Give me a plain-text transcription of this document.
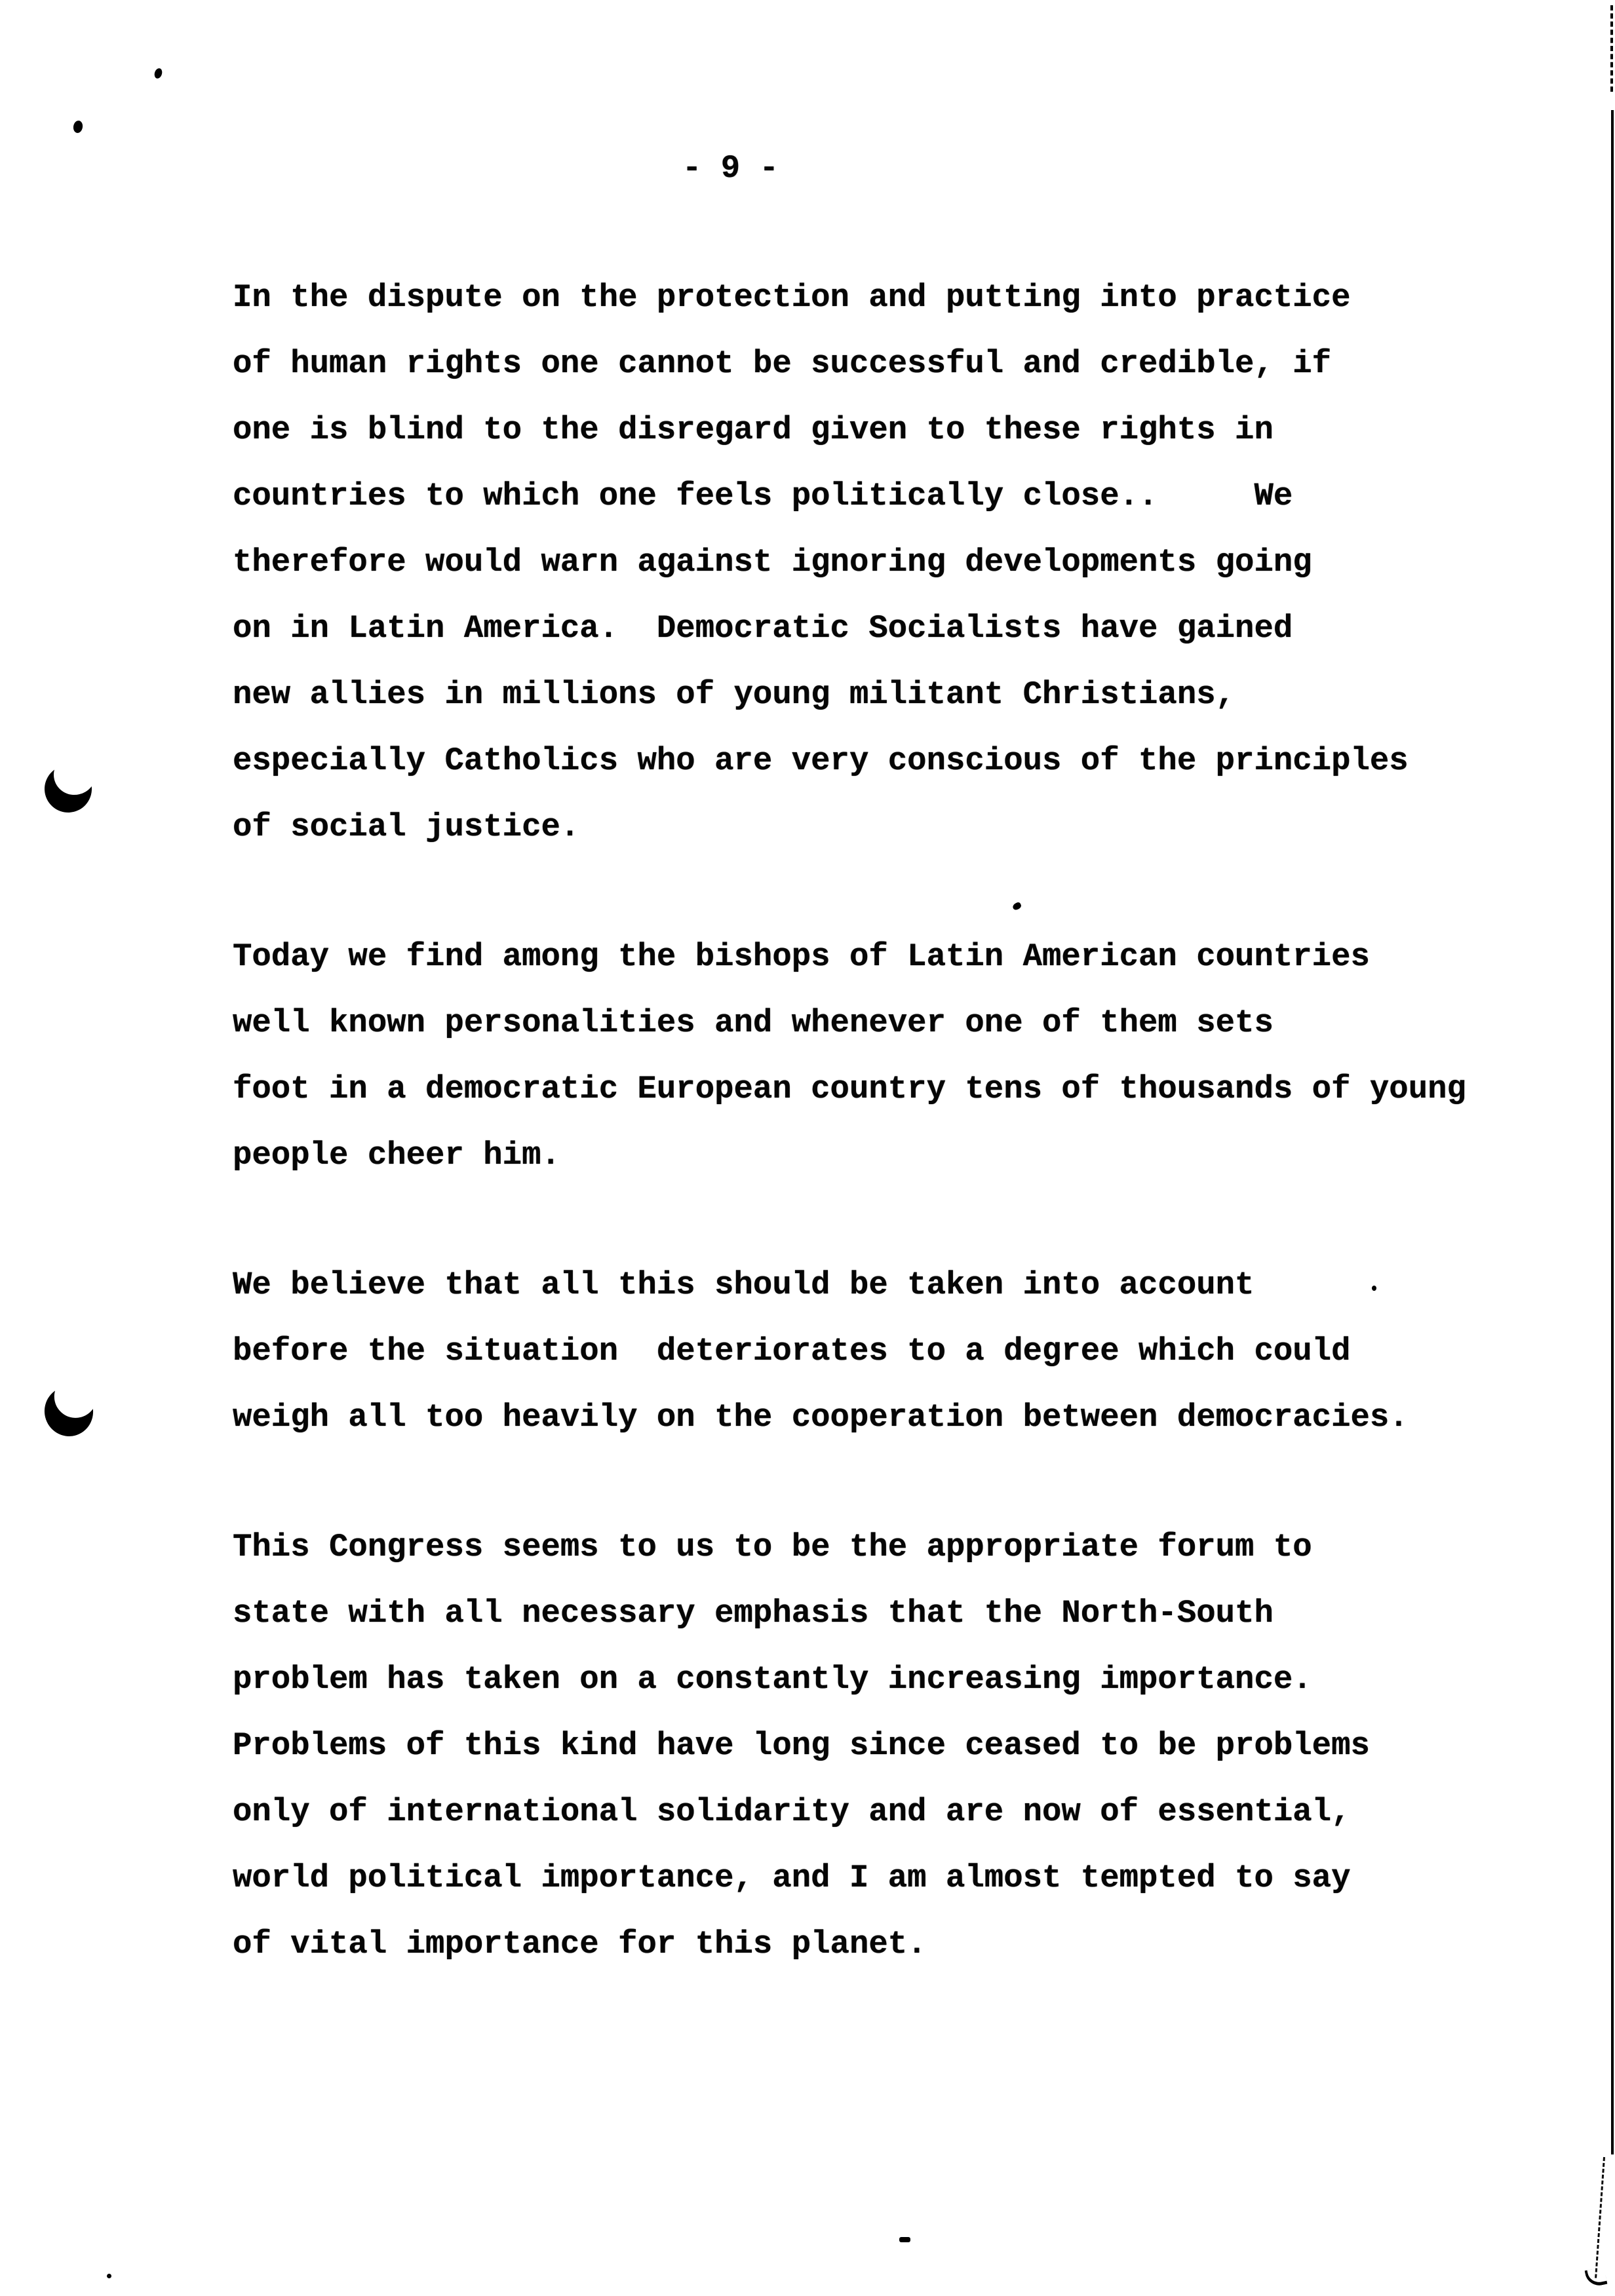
- 9 -
In the dispute on the protection and putting into practice
of human rights one cannot be successful and credible, if
one is blind to the disregard given to these rights in
countries to which one feels politically close..     We
therefore would warn against ignoring developments going
on in Latin America.  Democratic Socialists have gained
new allies in millions of young militant Christians,
especially Catholics who are very conscious of the principles
of social justice.
Today we find among the bishops of Latin American countries
well known personalities and whenever one of them sets
foot in a democratic European country tens of thousands of young
people cheer him.
We believe that all this should be taken into account
before the situation  deteriorates to a degree which could
weigh all too heavily on the cooperation between democracies.
This Congress seems to us to be the appropriate forum to
state with all necessary emphasis that the North-South
problem has taken on a constantly increasing importance.
Problems of this kind have long since ceased to be problems
only of international solidarity and are now of essential,
world political importance, and I am almost tempted to say
of vital importance for this planet.
